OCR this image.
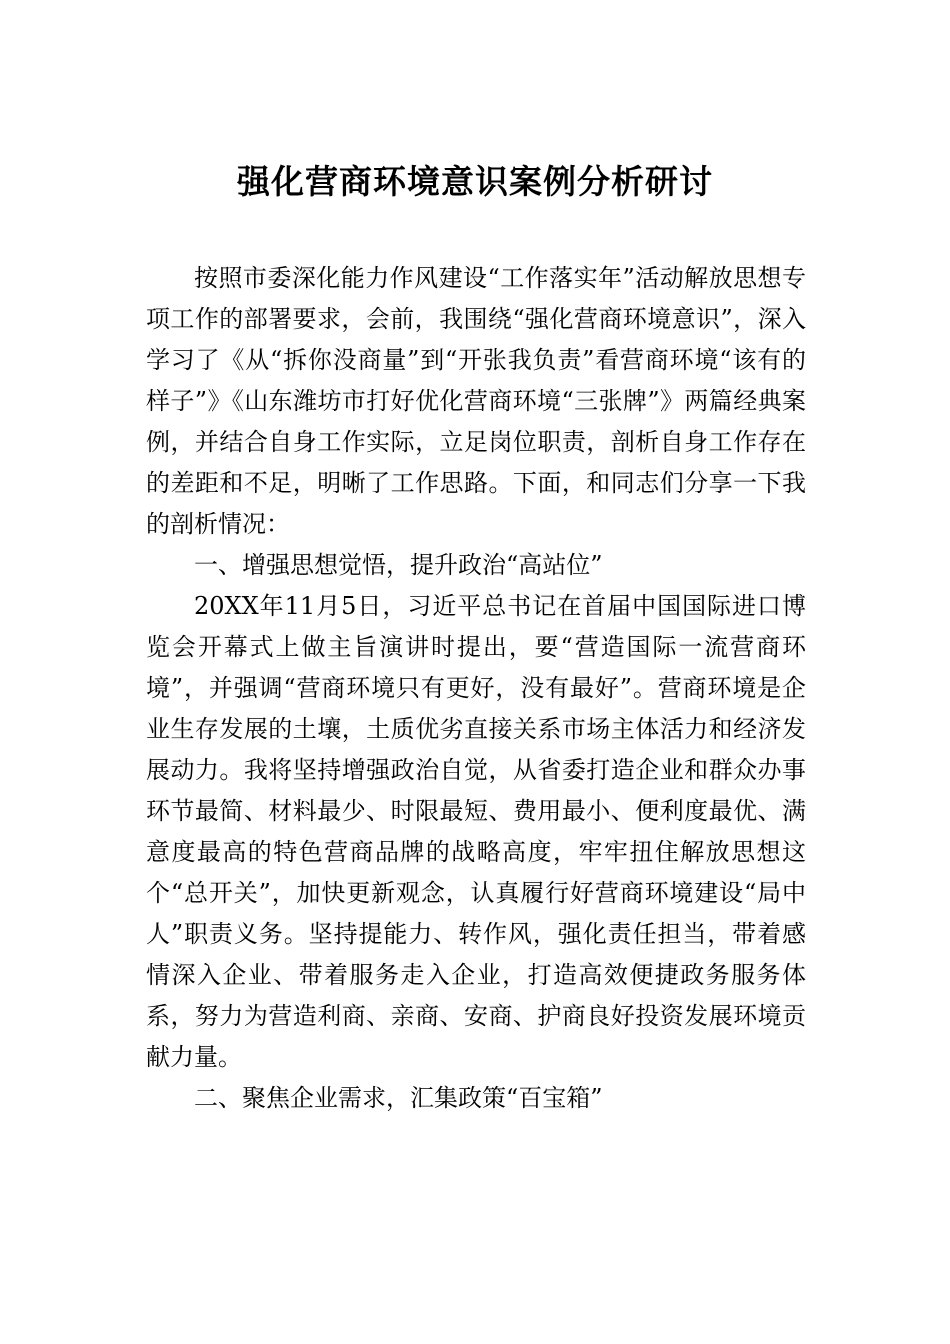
强化营商环境意识案例分析研讨

按照市委深化能力作风建设“工作落实年”活动解放思想专项工作的部署要求，会前，我围绕“强化营商环境意识”，深入学习了《从“拆你没商量”到“开张我负责”看营商环境“该有的样子”》《山东潍坊市打好优化营商环境“三张牌”》两篇经典案例，并结合自身工作实际，立足岗位职责，剖析自身工作存在的差距和不足，明晰了工作思路。下面，和同志们分享一下我的剖析情况：

一、增强思想觉悟，提升政治“高站位”

20XX年11月5日，习近平总书记在首届中国国际进口博览会开幕式上做主旨演讲时提出，要“营造国际一流营商环境”，并强调“营商环境只有更好，没有最好”。营商环境是企业生存发展的土壤，土质优劣直接关系市场主体活力和经济发展动力。我将坚持增强政治自觉，从省委打造企业和群众办事环节最简、材料最少、时限最短、费用最小、便利度最优、满意度最高的特色营商品牌的战略高度，牢牢扭住解放思想这个“总开关”，加快更新观念，认真履行好营商环境建设“局中人”职责义务。坚持提能力、转作风，强化责任担当，带着感情深入企业、带着服务走入企业，打造高效便捷政务服务体系，努力为营造利商、亲商、安商、护商良好投资发展环境贡献力量。

二、聚焦企业需求，汇集政策“百宝箱”
